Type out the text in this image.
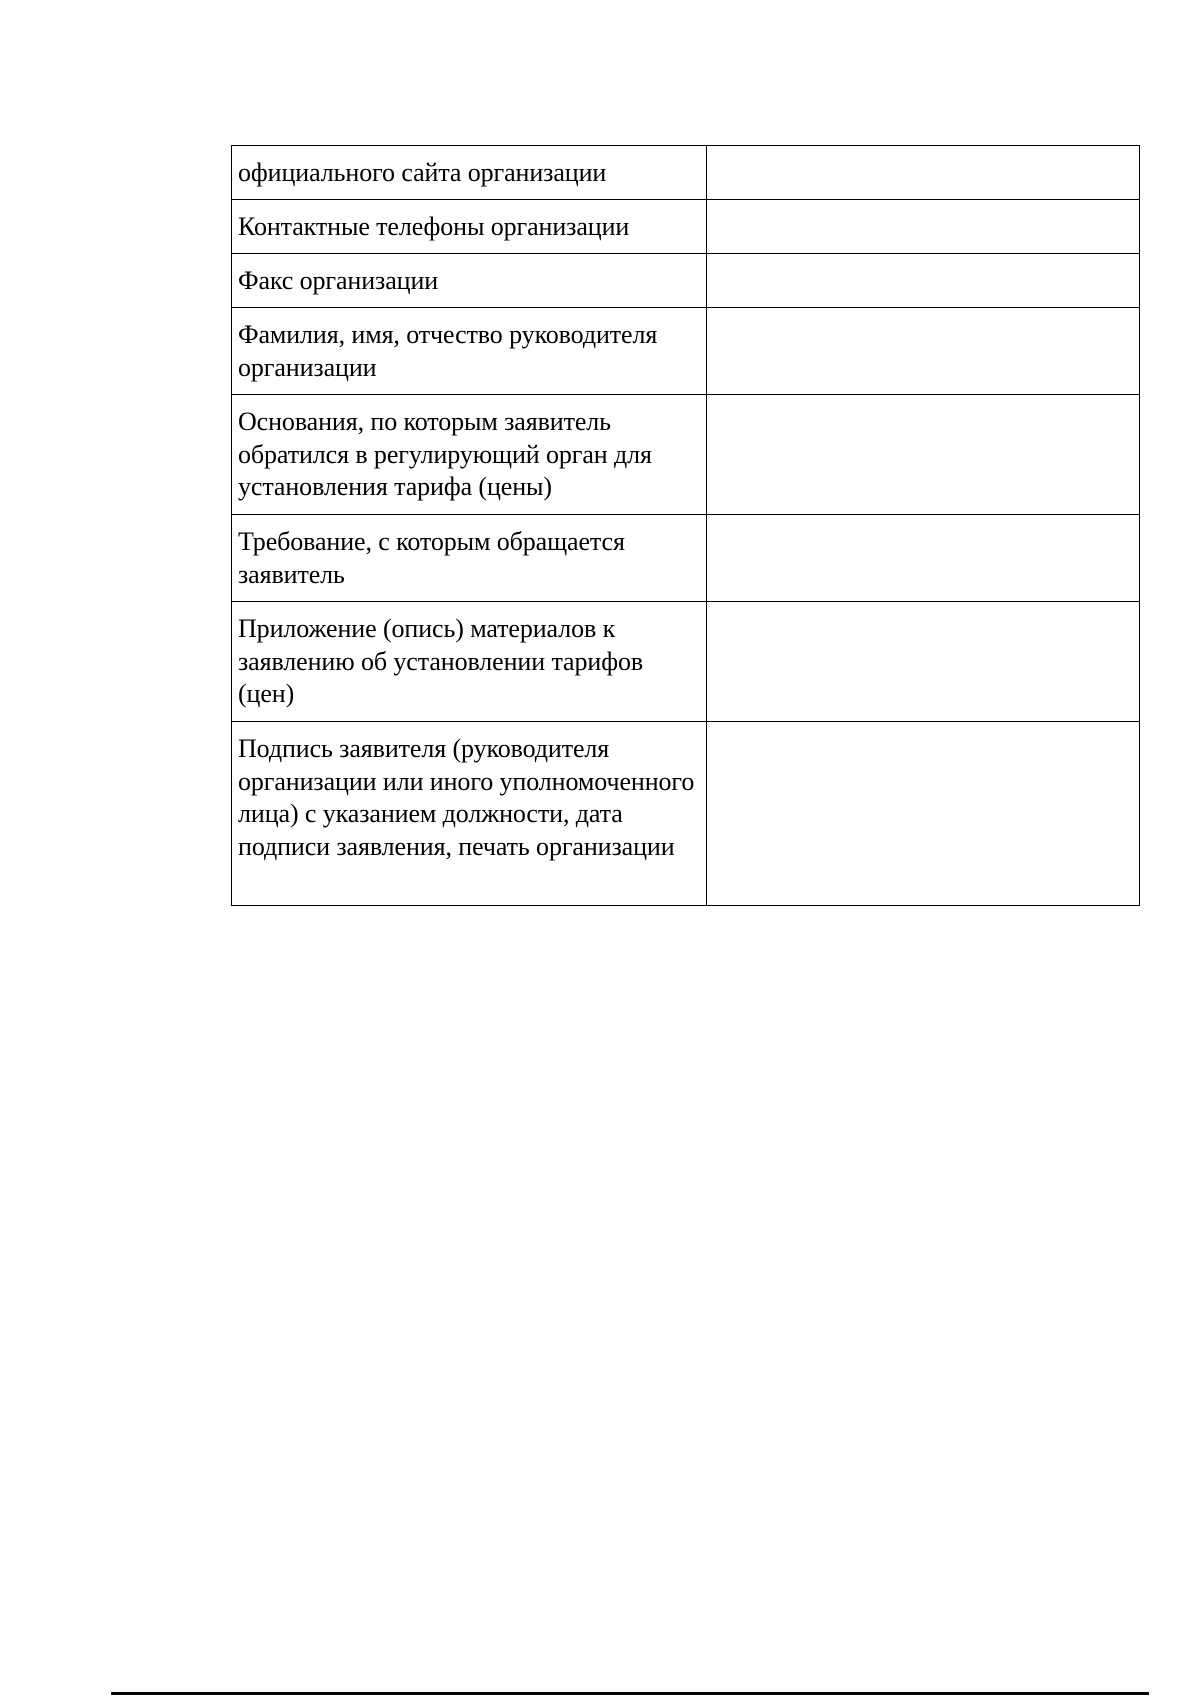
официального сайта организации	

Контактные телефоны организации	

Факс организации	

Фамилия, имя, отчество руководителя организации	

Основания, по которым заявитель обратился в регулирующий орган для установления тарифа (цены)	

Требование, с которым обращается заявитель	

Приложение (опись) материалов к заявлению об установлении тарифов (цен)	

Подпись заявителя (руководителя организации или иного уполномоченного лица) с указанием должности, дата подписи заявления, печать организации	
